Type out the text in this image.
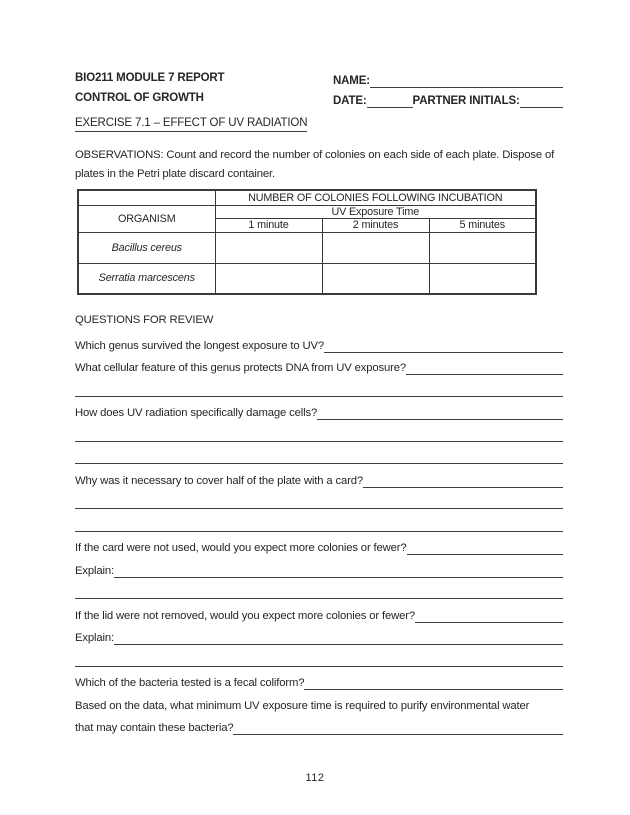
BIO211 MODULE 7 REPORT
CONTROL OF GROWTH
NAME:
DATE:	PARTNER INITIALS:
EXERCISE 7.1 – EFFECT OF UV RADIATION
OBSERVATIONS: Count and record the number of colonies on each side of each plate. Dispose of plates in the Petri plate discard container.
	NUMBER OF COLONIES FOLLOWING INCUBATION		
ORGANISM	UV Exposure Time		
	1 minute	2 minutes	5 minutes
Bacillus cereus			
Serratia marcescens			
QUESTIONS FOR REVIEW
Which genus survived the longest exposure to UV?
What cellular feature of this genus protects DNA from UV exposure?
How does UV radiation specifically damage cells?
Why was it necessary to cover half of the plate with a card?
If the card were not used, would you expect more colonies or fewer?
Explain:
If the lid were not removed, would you expect more colonies or fewer?
Explain:
Which of the bacteria tested is a fecal coliform?
Based on the data, what minimum UV exposure time is required to purify environmental water
that may contain these bacteria?
112
